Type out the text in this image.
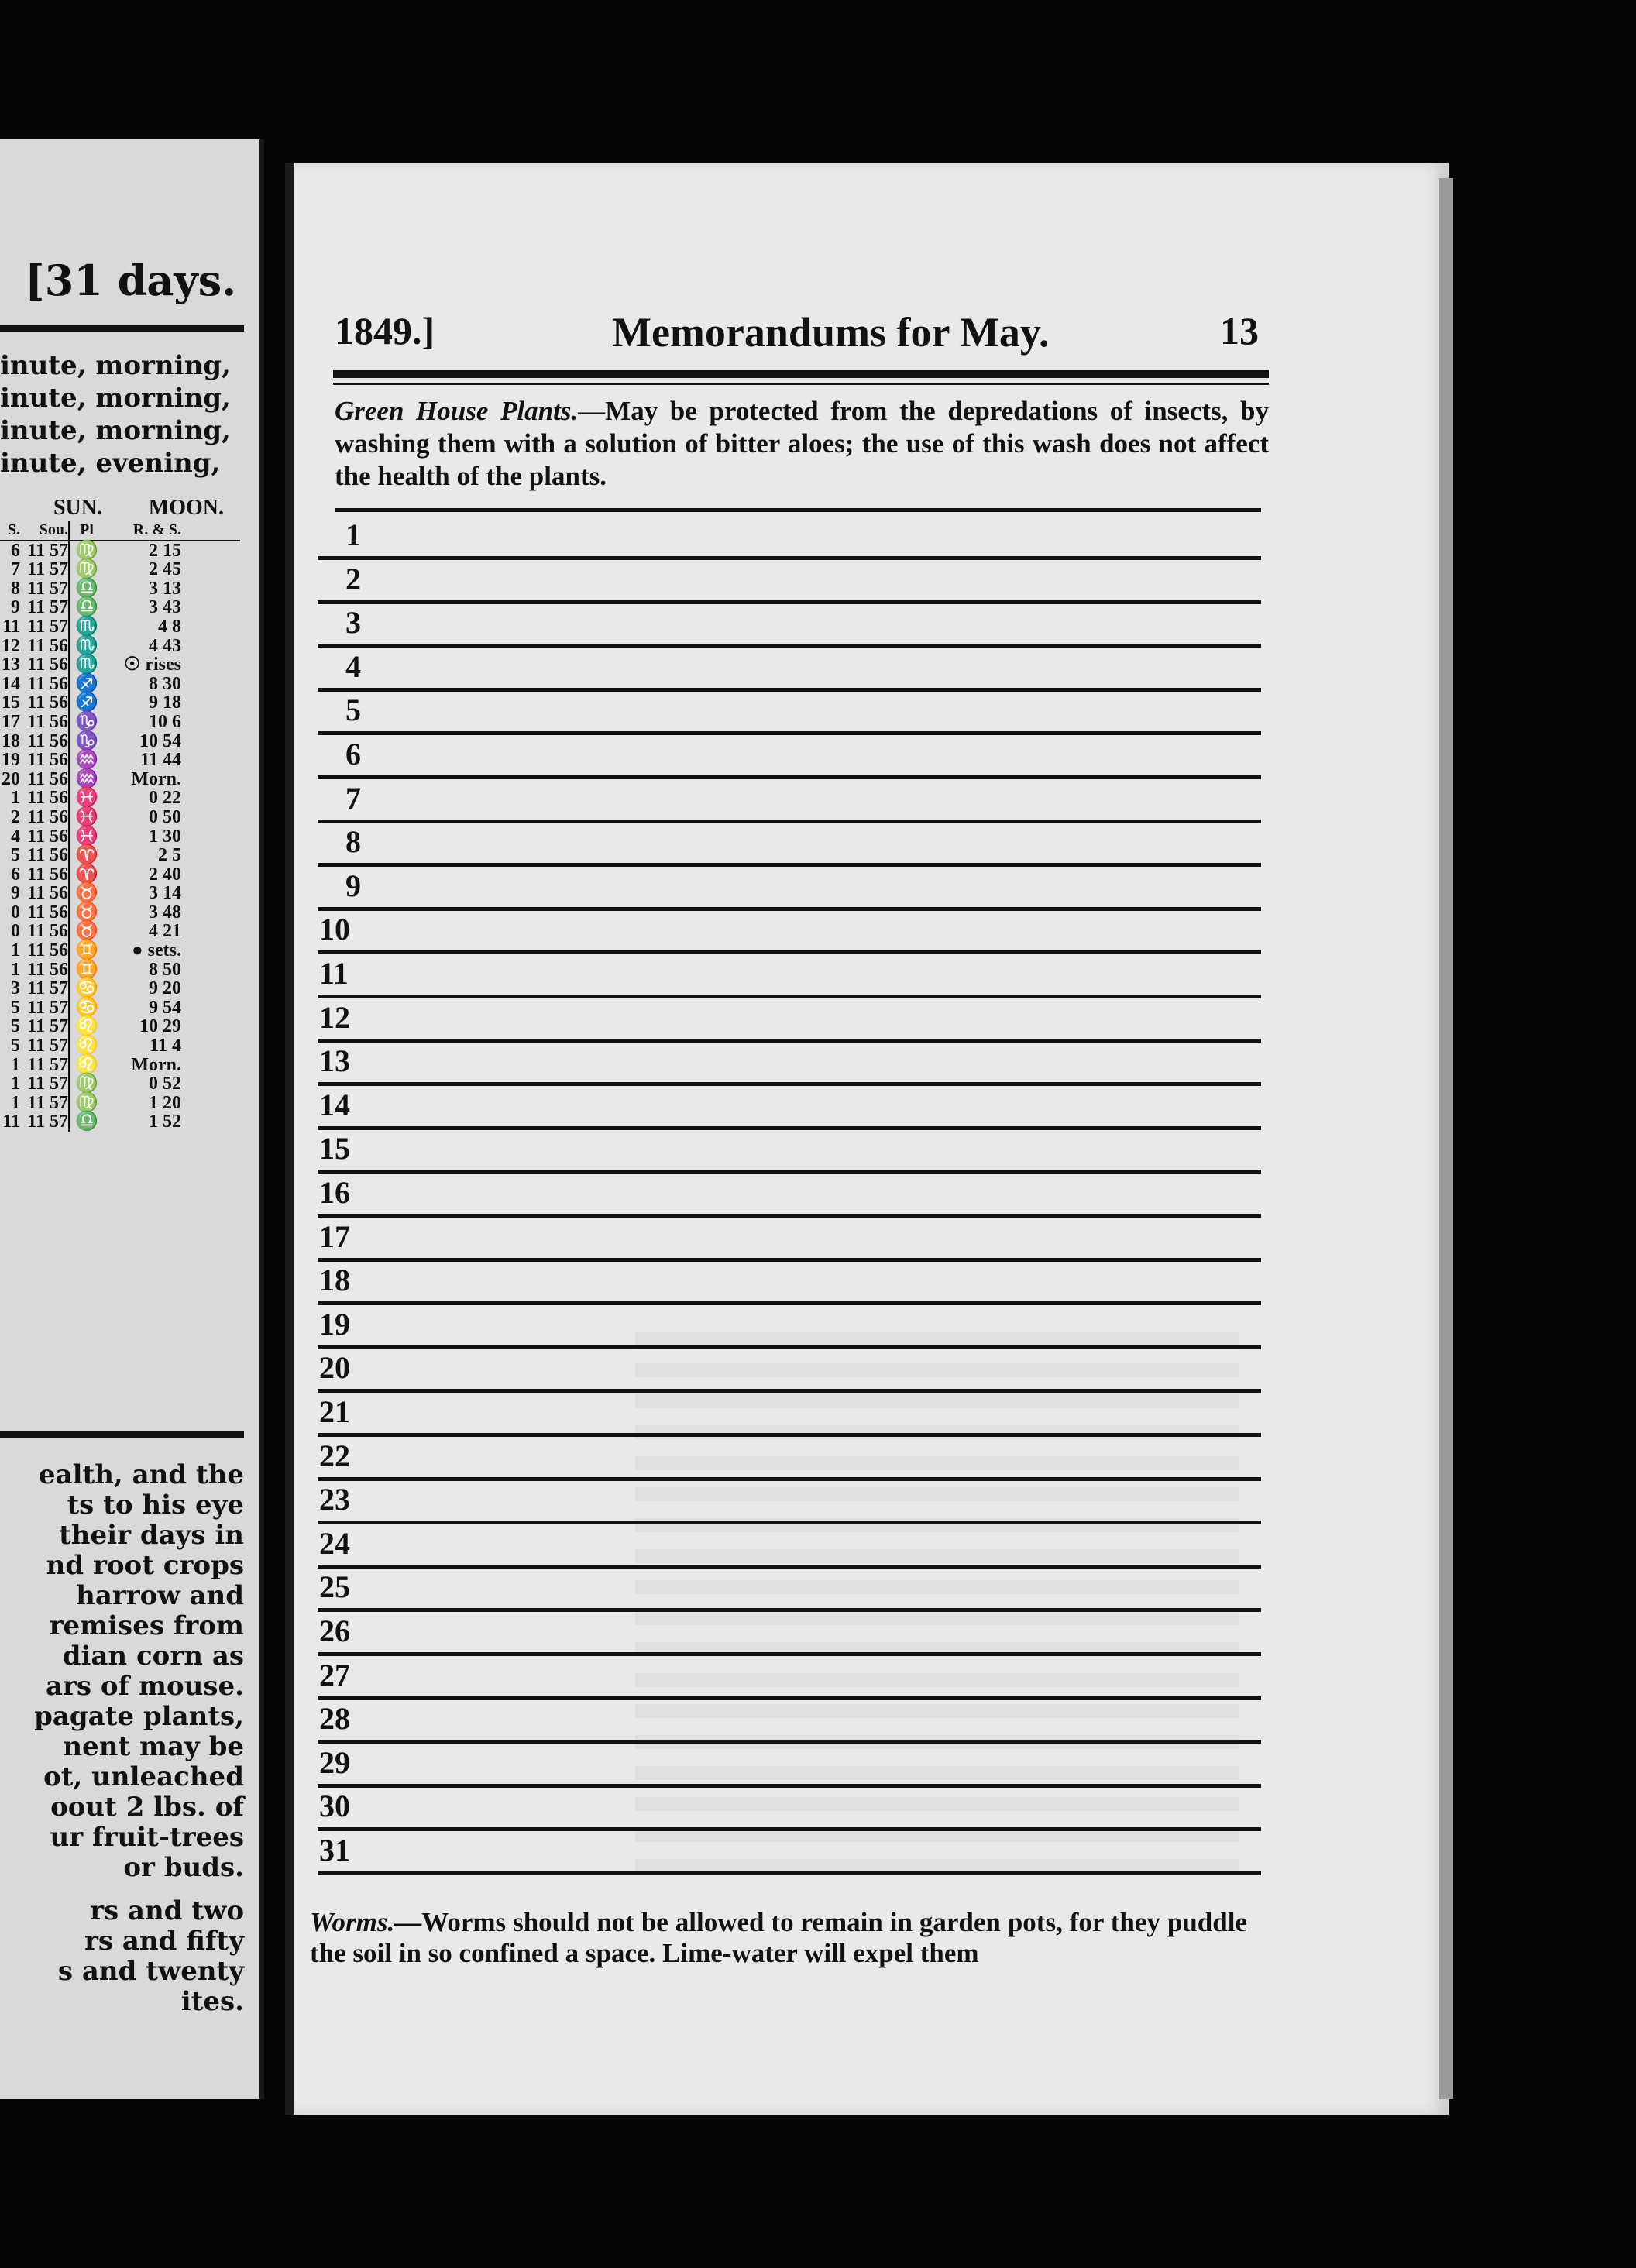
[31 days.
inute, morning,
inute, morning,
inute, morning,
inute, evening,
SUN. MOON.
S.	Sou. Pl	R. & S.
6 11 57 ♍	2 15
7 11 57 ♍	2 45
8 11 57 ♎	3 13
9 11 57 ♎	3 43
11 11 57 ♏	4 8
12 11 56 ♏	4 43
13 11 56 ♏	☉ rises
14 11 56 ♐	8 30
15 11 56 ♐	9 18
17 11 56 ♑	10 6
18 11 56 ♑	10 54
19 11 56 ♒	11 44
20 11 56 ♒	Morn.
1 11 56 ♓	0 22
2 11 56 ♓	0 50
4 11 56 ♓	1 30
5 11 56 ♈	2 5
6 11 56 ♈	2 40
9 11 56 ♉	3 14
0 11 56 ♉	3 48
0 11 56 ♉	4 21
1 11 56 ♊	● sets.
1 11 56 ♊	8 50
3 11 57 ♋	9 20
5 11 57 ♋	9 54
5 11 57 ♌	10 29
5 11 57 ♌	11 4
1 11 57 ♌	Morn.
1 11 57 ♍	0 52
1 11 57 ♍	1 20
11 11 57 ♎	1 52
ealth, and the
ts to his eye
their days in
nd root crops
harrow and
remises from
dian corn as
ars of mouse.
pagate plants,
nent may be
ot, unleached
oout 2 lbs. of
ur fruit-trees
or buds.
rs and two
rs and fifty
s and twenty
ites.
1849.]	Memorandums for May.	13
Green House Plants.—May be protected from the depredations of insects, by washing them with a solution of bitter aloes; the use of this wash does not affect the health of the plants.
1
2
3
4
5
6
7
8
9
10
11
12
13
14
15
16
17
18
19
20
21
22
23
24
25
26
27
28
29
30
31
Worms.—Worms should not be allowed to remain in garden pots, for they puddle the soil in so confined a space. Lime-water will expel them
